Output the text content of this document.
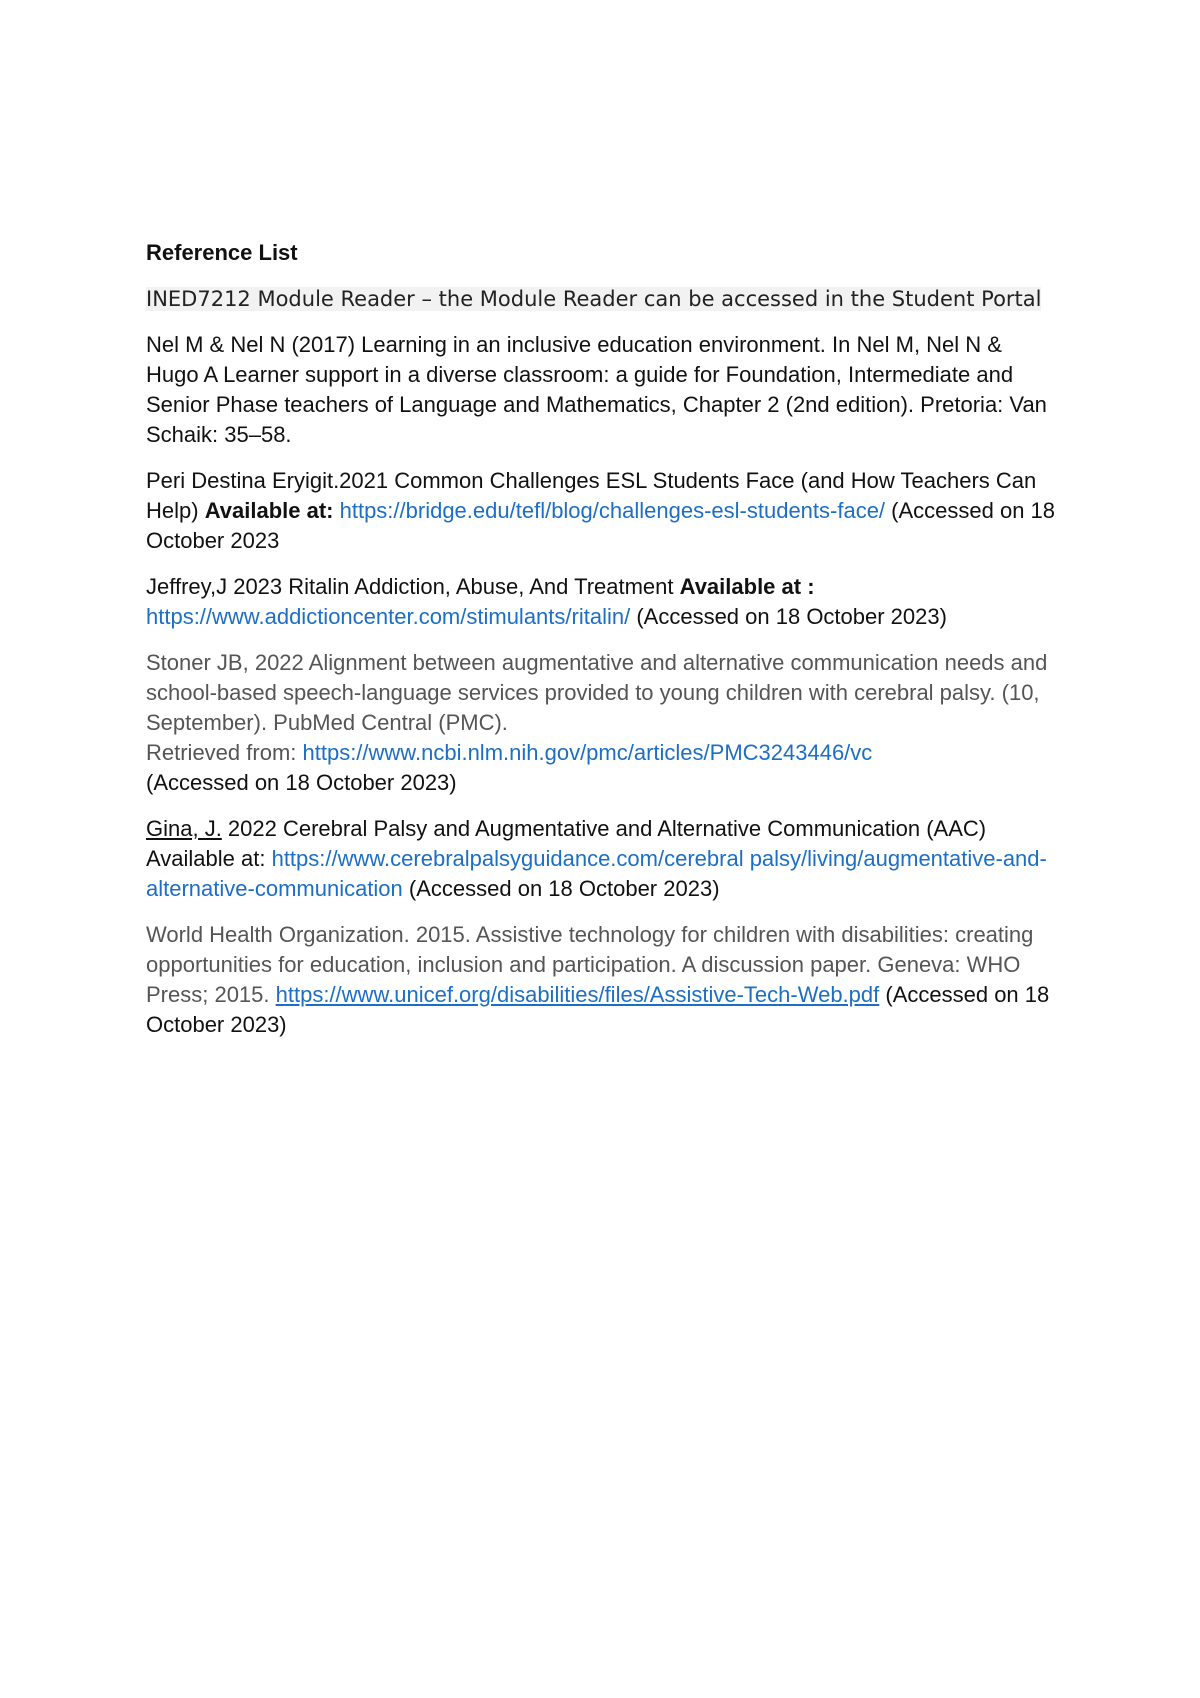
Reference List
INED7212 Module Reader – the Module Reader can be accessed in the Student Portal
Nel M & Nel N (2017) Learning in an inclusive education environment. In Nel M, Nel N & Hugo A Learner support in a diverse classroom: a guide for Foundation, Intermediate and Senior Phase teachers of Language and Mathematics, Chapter 2 (2nd edition). Pretoria: Van Schaik: 35–58.
Peri Destina Eryigit.2021 Common Challenges ESL Students Face (and How Teachers Can Help) Available at: https://bridge.edu/tefl/blog/challenges-esl-students-face/ (Accessed on 18 October 2023
Jeffrey,J 2023 Ritalin Addiction, Abuse, And Treatment Available at :
https://www.addictioncenter.com/stimulants/ritalin/ (Accessed on 18 October 2023)
Stoner JB, 2022 Alignment between augmentative and alternative communication needs and school-based speech-language services provided to young children with cerebral palsy. (10, September). PubMed Central (PMC).
Retrieved from: https://www.ncbi.nlm.nih.gov/pmc/articles/PMC3243446/vc
(Accessed on 18 October 2023)
Gina, J. 2022 Cerebral Palsy and Augmentative and Alternative Communication (AAC) Available at: https://www.cerebralpalsyguidance.com/cerebral palsy/living/augmentative-and-alternative-communication (Accessed on 18 October 2023)
World Health Organization. 2015. Assistive technology for children with disabilities: creating opportunities for education, inclusion and participation. A discussion paper. Geneva: WHO Press; 2015. https://www.unicef.org/disabilities/files/Assistive-Tech-Web.pdf (Accessed on 18 October 2023)
